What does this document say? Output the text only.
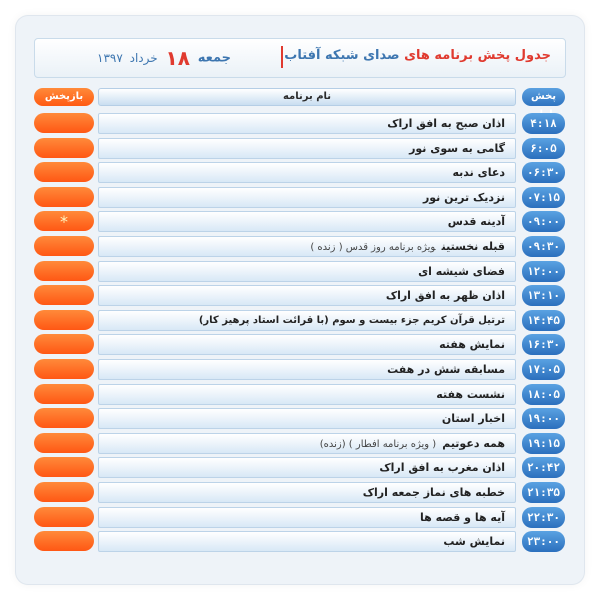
جدول پخش برنامه های صدای شبکه آفتاب
جمعه ۱۸ خرداد ۱۳۹۷
بازپخش	نام برنامه	پخش
اذان صبح به افق اراک	۴:۱۸
گامی به سوی نور	۶:۰۵
دعای ندبه	۰۶:۳۰
نزدیک ترین نور	۰۷:۱۵
*	آدینه قدس	۰۹:۰۰
قبله نخستینویژه برنامه روز قدس ( زنده )	۰۹:۳۰
فضای شیشه ای	۱۲:۰۰
اذان ظهر به افق اراک	۱۳:۱۰
ترتیل قرآن کریم جزء بیست و سوم (با قرائت استاد پرهیز کار)	۱۴:۴۵
نمایش هفته	۱۶:۳۰
مسابقه شش در هفت	۱۷:۰۵
نشست هفته	۱۸:۰۵
اخبار استان	۱۹:۰۰
همه دعوتیم( ویژه برنامه افطار ) (زنده)	۱۹:۱۵
اذان مغرب به افق اراک	۲۰:۴۲
خطبه های نماز جمعه اراک	۲۱:۳۵
آیه ها و قصه ها	۲۲:۳۰
نمایش شب	۲۳:۰۰
